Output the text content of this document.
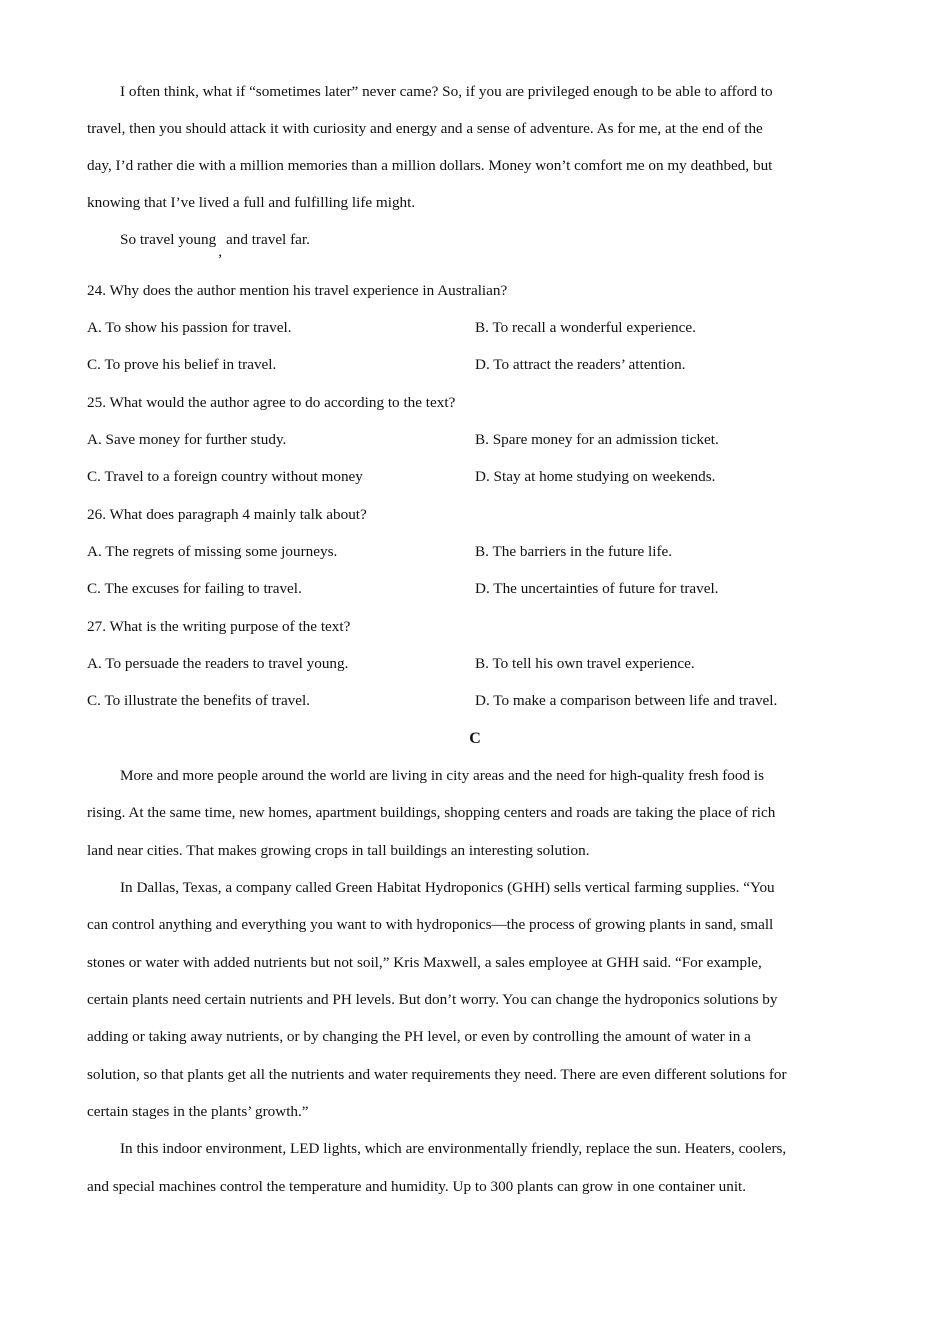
I often think, what if “sometimes later” never came? So, if you are privileged enough to be able to afford to
travel, then you should attack it with curiosity and energy and a sense of adventure. As for me, at the end of the
day, I’d rather die with a million memories than a million dollars. Money won’t comfort me on my deathbed, but
knowing that I’ve lived a full and fulfilling life might.
So travel young,and travel far.
24. Why does the author mention his travel experience in Australian?
A. To show his passion for travel.	B. To recall a wonderful experience.
C. To prove his belief in travel.	D. To attract the readers’ attention.
25. What would the author agree to do according to the text?
A. Save money for further study.	B. Spare money for an admission ticket.
C. Travel to a foreign country without money	D. Stay at home studying on weekends.
26. What does paragraph 4 mainly talk about?
A. The regrets of missing some journeys.	B. The barriers in the future life.
C. The excuses for failing to travel.	D. The uncertainties of future for travel.
27. What is the writing purpose of the text?
A. To persuade the readers to travel young.	B. To tell his own travel experience.
C. To illustrate the benefits of travel.	D. To make a comparison between life and travel.
C
More and more people around the world are living in city areas and the need for high-quality fresh food is
rising. At the same time, new homes, apartment buildings, shopping centers and roads are taking the place of rich
land near cities. That makes growing crops in tall buildings an interesting solution.
In Dallas, Texas, a company called Green Habitat Hydroponics (GHH) sells vertical farming supplies. “You
can control anything and everything you want to with hydroponics—the process of growing plants in sand, small
stones or water with added nutrients but not soil,” Kris Maxwell, a sales employee at GHH said. “For example,
certain plants need certain nutrients and PH levels. But don’t worry. You can change the hydroponics solutions by
adding or taking away nutrients, or by changing the PH level, or even by controlling the amount of water in a
solution, so that plants get all the nutrients and water requirements they need. There are even different solutions for
certain stages in the plants’ growth.”
In this indoor environment, LED lights, which are environmentally friendly, replace the sun. Heaters, coolers,
and special machines control the temperature and humidity. Up to 300 plants can grow in one container unit.
